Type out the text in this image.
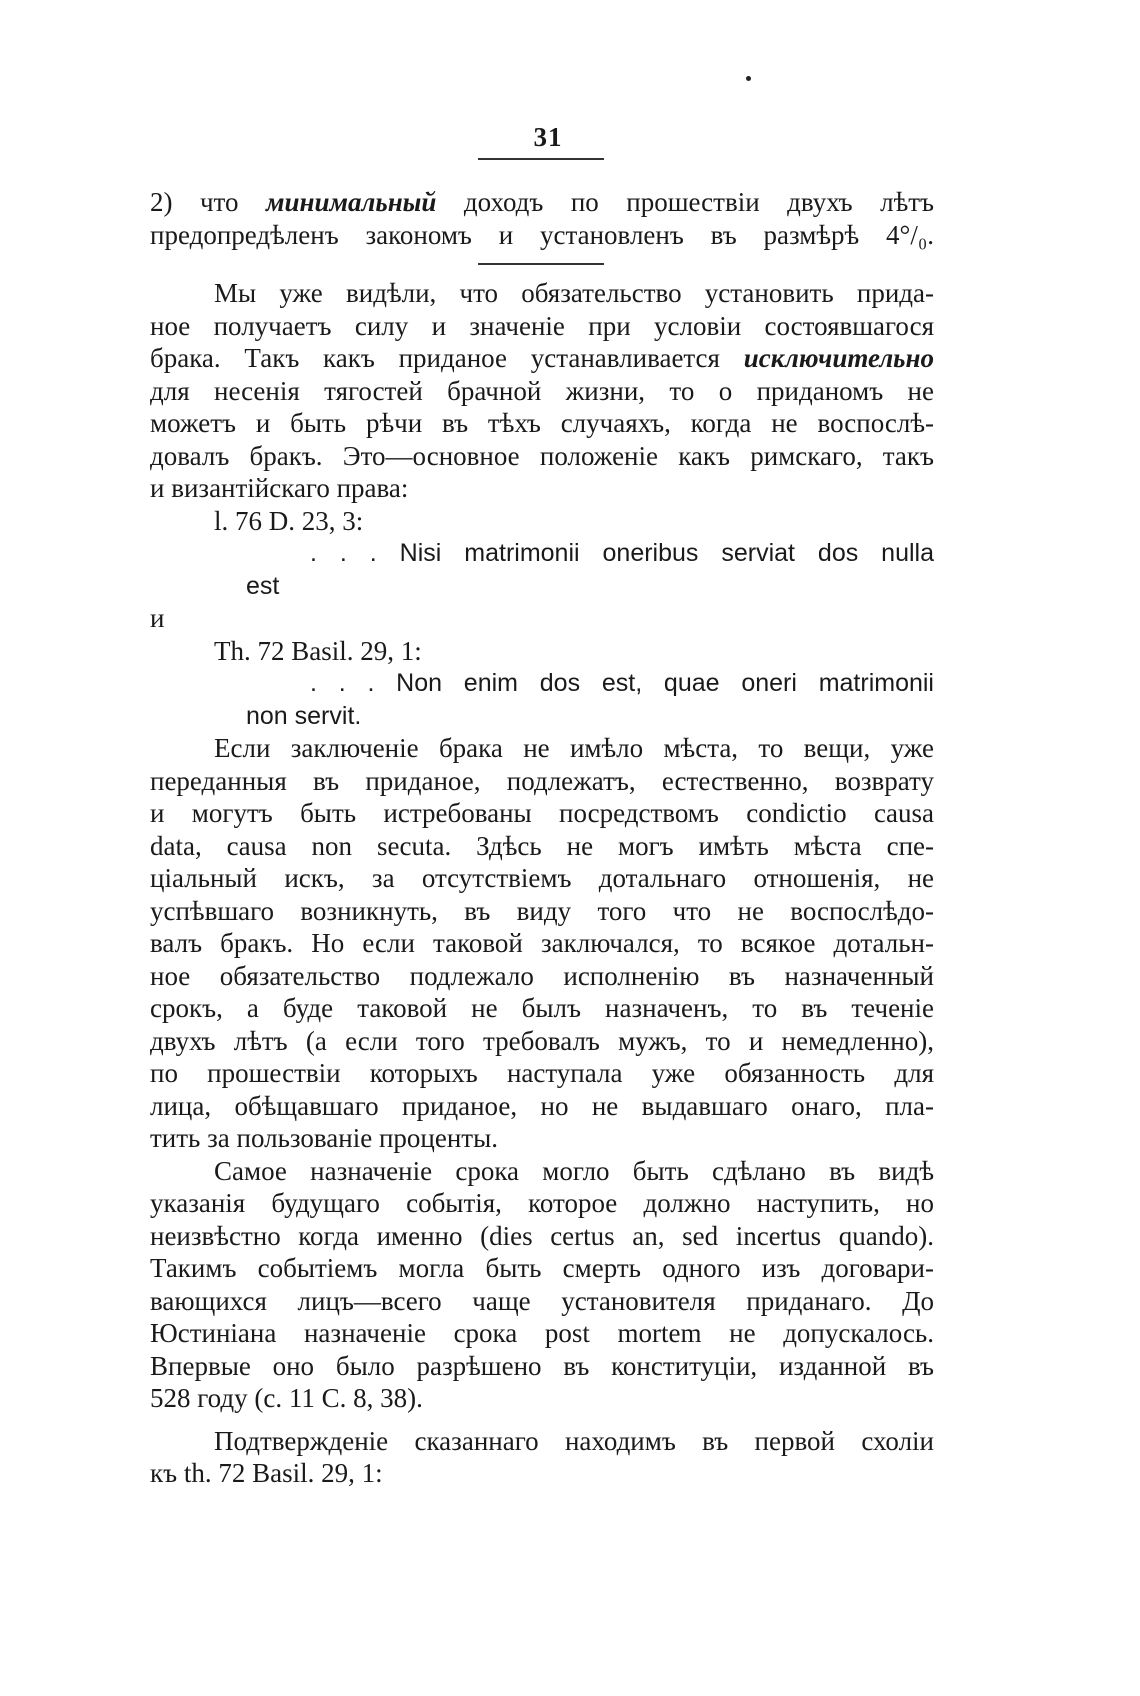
31
2) что минимальный доходъ по прошествіи двухъ лѣтъ
предопредѣленъ закономъ и установленъ въ размѣрѣ 4°/₀.
Мы уже видѣли, что обязательство установить прида-
ное получаетъ силу и значеніе при условіи состоявшагося
брака. Такъ какъ приданое устанавливается исключительно
для несенія тягостей брачной жизни, то о приданомъ не
можетъ и быть рѣчи въ тѣхъ случаяхъ, когда не воспослѣ-
довалъ бракъ. Это—основное положеніе какъ римскаго, такъ
и византійскаго права:
l. 76 D. 23, 3:
. . . Nisi matrimonii oneribus serviat dos nulla
est
и
Th. 72 Basil. 29, 1:
. . . Non enim dos est, quae oneri matrimonii
non servit.
Если заключеніе брака не имѣло мѣста, то вещи, уже
переданныя въ приданое, подлежатъ, естественно, возврату
и могутъ быть истребованы посредствомъ condictio causa
data, causa non secuta. Здѣсь не могъ имѣть мѣста спе-
ціальный искъ, за отсутствіемъ дотальнаго отношенія, не
успѣвшаго возникнуть, въ виду того что не воспослѣдо-
валъ бракъ. Но если таковой заключался, то всякое дотальн-
ное обязательство подлежало исполненію въ назначенный
срокъ, а буде таковой не былъ назначенъ, то въ теченіе
двухъ лѣтъ (а если того требовалъ мужъ, то и немедленно),
по прошествіи которыхъ наступала уже обязанность для
лица, обѣщавшаго приданое, но не выдавшаго онаго, пла-
тить за пользованіе проценты.
Самое назначеніе срока могло быть сдѣлано въ видѣ
указанія будущаго событія, которое должно наступить, но
неизвѣстно когда именно (dies certus an, sed incertus quando).
Такимъ событіемъ могла быть смерть одного изъ договари-
вающихся лицъ—всего чаще установителя приданаго. До
Юстиніана назначеніе срока post mortem не допускалось.
Впервые оно было разрѣшено въ конституціи, изданной въ
528 году (c. 11 C. 8, 38).
Подтвержденіе сказаннаго находимъ въ первой схоліи
къ th. 72 Basil. 29, 1:
